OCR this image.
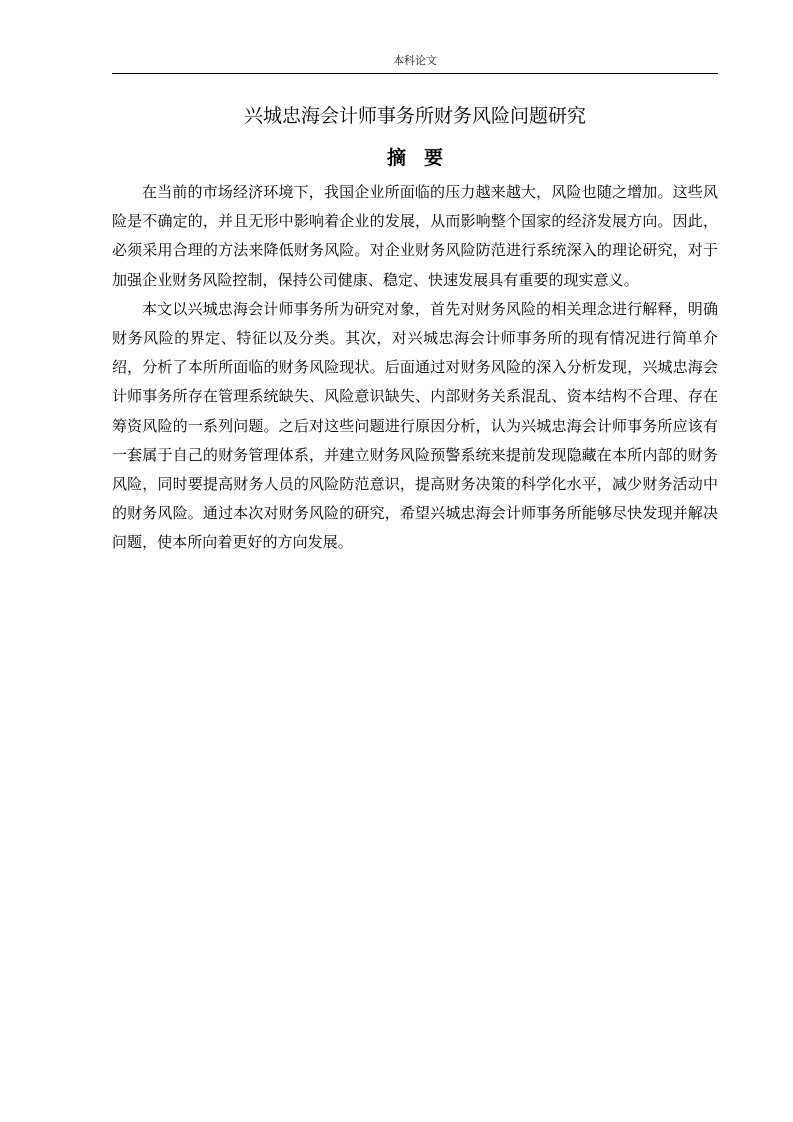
本科论文
兴城忠海会计师事务所财务风险问题研究
摘要

在当前的市场经济环境下，我国企业所面临的压力越来越大，风险也随之增加。这些风险是不确定的，并且无形中影响着企业的发展，从而影响整个国家的经济发展方向。因此，必须采用合理的方法来降低财务风险。对企业财务风险防范进行系统深入的理论研究，对于加强企业财务风险控制，保持公司健康、稳定、快速发展具有重要的现实意义。

本文以兴城忠海会计师事务所为研究对象，首先对财务风险的相关理念进行解释，明确财务风险的界定、特征以及分类。其次，对兴城忠海会计师事务所的现有情况进行简单介绍，分析了本所所面临的财务风险现状。后面通过对财务风险的深入分析发现，兴城忠海会计师事务所存在管理系统缺失、风险意识缺失、内部财务关系混乱、资本结构不合理、存在筹资风险的一系列问题。之后对这些问题进行原因分析，认为兴城忠海会计师事务所应该有一套属于自己的财务管理体系，并建立财务风险预警系统来提前发现隐藏在本所内部的财务风险，同时要提高财务人员的风险防范意识，提高财务决策的科学化水平，减少财务活动中的财务风险。通过本次对财务风险的研究，希望兴城忠海会计师事务所能够尽快发现并解决问题，使本所向着更好的方向发展。
